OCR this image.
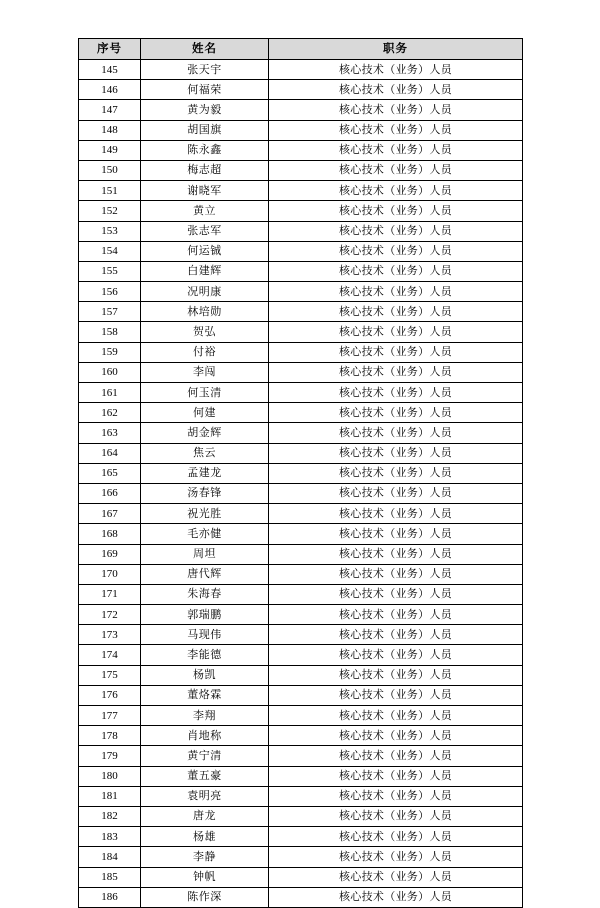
序号	姓名	职务
145	张天宇	核心技术（业务）人员
146	何福荣	核心技术（业务）人员
147	黄为毅	核心技术（业务）人员
148	胡国旗	核心技术（业务）人员
149	陈永鑫	核心技术（业务）人员
150	梅志超	核心技术（业务）人员
151	谢晓军	核心技术（业务）人员
152	黄立	核心技术（业务）人员
153	张志军	核心技术（业务）人员
154	何运铖	核心技术（业务）人员
155	白建辉	核心技术（业务）人员
156	况明康	核心技术（业务）人员
157	林培勋	核心技术（业务）人员
158	贺弘	核心技术（业务）人员
159	付裕	核心技术（业务）人员
160	李闯	核心技术（业务）人员
161	何玉清	核心技术（业务）人员
162	何建	核心技术（业务）人员
163	胡金辉	核心技术（业务）人员
164	焦云	核心技术（业务）人员
165	孟建龙	核心技术（业务）人员
166	汤春锋	核心技术（业务）人员
167	祝光胜	核心技术（业务）人员
168	毛亦健	核心技术（业务）人员
169	周坦	核心技术（业务）人员
170	唐代辉	核心技术（业务）人员
171	朱海春	核心技术（业务）人员
172	郭瑞鹏	核心技术（业务）人员
173	马现伟	核心技术（业务）人员
174	李能德	核心技术（业务）人员
175	杨凯	核心技术（业务）人员
176	董烙霖	核心技术（业务）人员
177	李翔	核心技术（业务）人员
178	肖地称	核心技术（业务）人员
179	黄宁清	核心技术（业务）人员
180	董五豪	核心技术（业务）人员
181	袁明亮	核心技术（业务）人员
182	唐龙	核心技术（业务）人员
183	杨雄	核心技术（业务）人员
184	李静	核心技术（业务）人员
185	钟帆	核心技术（业务）人员
186	陈作深	核心技术（业务）人员
